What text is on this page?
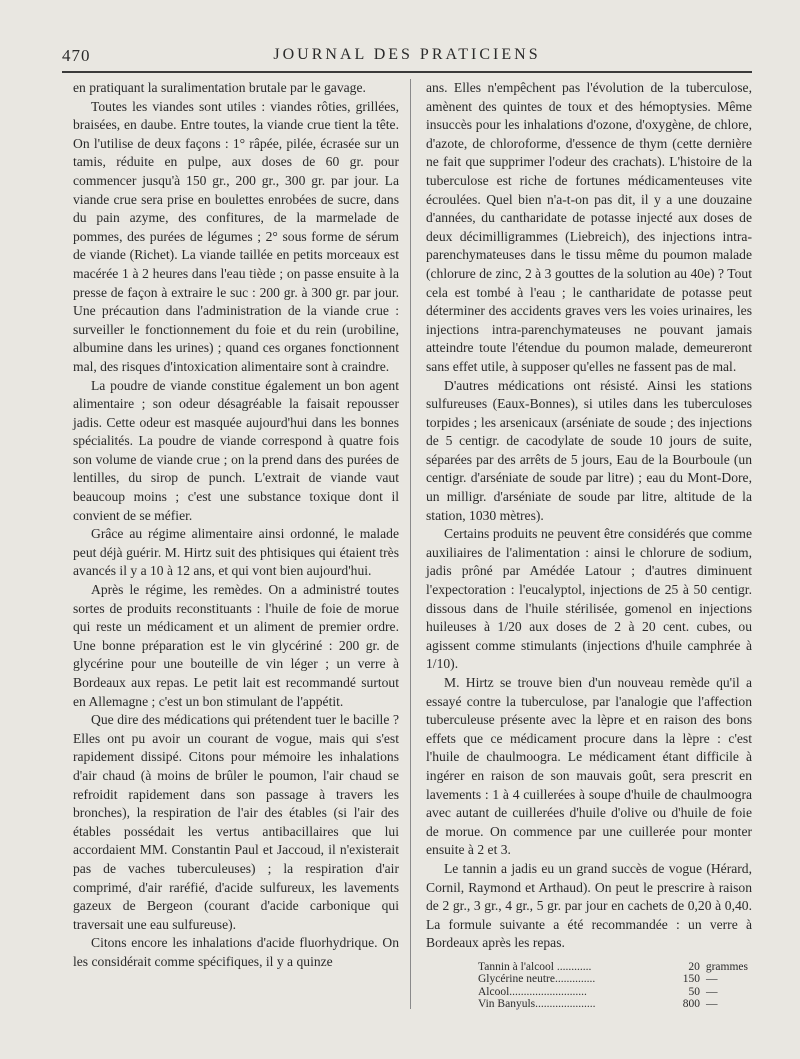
470	JOURNAL DES PRATICIENS

en pratiquant la suralimentation brutale par le gavage.

Toutes les viandes sont utiles : viandes rôties, grillées, braisées, en daube. Entre toutes, la viande crue tient la tête. On l'utilise de deux façons : 1° râpée, pilée, écrasée sur un tamis, réduite en pulpe, aux doses de 60 gr. pour commencer jusqu'à 150 gr., 200 gr., 300 gr. par jour. La viande crue sera prise en boulettes enrobées de sucre, dans du pain azyme, des confitures, de la marmelade de pommes, des purées de légumes ; 2° sous forme de sérum de viande (Richet). La viande taillée en petits morceaux est macérée 1 à 2 heures dans l'eau tiède ; on passe ensuite à la presse de façon à extraire le suc : 200 gr. à 300 gr. par jour. Une précaution dans l'administration de la viande crue : surveiller le fonctionnement du foie et du rein (urobiline, albumine dans les urines) ; quand ces organes fonctionnent mal, des risques d'intoxication alimentaire sont à craindre.

La poudre de viande constitue également un bon agent alimentaire ; son odeur désagréable la faisait repousser jadis. Cette odeur est masquée aujourd'hui dans les bonnes spécialités. La poudre de viande correspond à quatre fois son volume de viande crue ; on la prend dans des purées de lentilles, du sirop de punch. L'extrait de viande vaut beaucoup moins ; c'est une substance toxique dont il convient de se méfier.

Grâce au régime alimentaire ainsi ordonné, le malade peut déjà guérir. M. Hirtz suit des phtisiques qui étaient très avancés il y a 10 à 12 ans, et qui vont bien aujourd'hui.

Après le régime, les remèdes. On a administré toutes sortes de produits reconstituants : l'huile de foie de morue qui reste un médicament et un aliment de premier ordre. Une bonne préparation est le vin glycériné : 200 gr. de glycérine pour une bouteille de vin léger ; un verre à Bordeaux aux repas. Le petit lait est recommandé surtout en Allemagne ; c'est un bon stimulant de l'appétit.

Que dire des médications qui prétendent tuer le bacille ? Elles ont pu avoir un courant de vogue, mais qui s'est rapidement dissipé. Citons pour mémoire les inhalations d'air chaud (à moins de brûler le poumon, l'air chaud se refroidit rapidement dans son passage à travers les bronches), la respiration de l'air des étables (si l'air des étables possédait les vertus antibacillaires que lui accordaient MM. Constantin Paul et Jaccoud, il n'existerait pas de vaches tuberculeuses) ; la respiration d'air comprimé, d'air raréfié, d'acide sulfureux, les lavements gazeux de Bergeon (courant d'acide carbonique qui traversait une eau sulfureuse).

Citons encore les inhalations d'acide fluorhydrique. On les considérait comme spécifiques, il y a quinze

ans. Elles n'empêchent pas l'évolution de la tuberculose, amènent des quintes de toux et des hémoptysies. Même insuccès pour les inhalations d'ozone, d'oxygène, de chlore, d'azote, de chloroforme, d'essence de thym (cette dernière ne fait que supprimer l'odeur des crachats). L'histoire de la tuberculose est riche de fortunes médicamenteuses vite écroulées. Quel bien n'a-t-on pas dit, il y a une douzaine d'années, du cantharidate de potasse injecté aux doses de deux décimilligrammes (Liebreich), des injections intra-parenchymateuses dans le tissu même du poumon malade (chlorure de zinc, 2 à 3 gouttes de la solution au 40e) ? Tout cela est tombé à l'eau ; le cantharidate de potasse peut déterminer des accidents graves vers les voies urinaires, les injections intra-parenchymateuses ne pouvant jamais atteindre toute l'étendue du poumon malade, demeureront sans effet utile, à supposer qu'elles ne fassent pas de mal.

D'autres médications ont résisté. Ainsi les stations sulfureuses (Eaux-Bonnes), si utiles dans les tuberculoses torpides ; les arsenicaux (arséniate de soude ; des injections de 5 centigr. de cacodylate de soude 10 jours de suite, séparées par des arrêts de 5 jours, Eau de la Bourboule (un centigr. d'arséniate de soude par litre) ; eau du Mont-Dore, un milligr. d'arséniate de soude par litre, altitude de la station, 1030 mètres).

Certains produits ne peuvent être considérés que comme auxiliaires de l'alimentation : ainsi le chlorure de sodium, jadis prôné par Amédée Latour ; d'autres diminuent l'expectoration : l'eucalyptol, injections de 25 à 50 centigr. dissous dans de l'huile stérilisée, gomenol en injections huileuses à 1/20 aux doses de 2 à 20 cent. cubes, ou agissent comme stimulants (injections d'huile camphrée à 1/10).

M. Hirtz se trouve bien d'un nouveau remède qu'il a essayé contre la tuberculose, par l'analogie que l'affection tuberculeuse présente avec la lèpre et en raison des bons effets que ce médicament procure dans la lèpre : c'est l'huile de chaulmoogra. Le médicament étant difficile à ingérer en raison de son mauvais goût, sera prescrit en lavements : 1 à 4 cuillerées à soupe d'huile de chaulmoogra avec autant de cuillerées d'huile d'olive ou d'huile de foie de morue. On commence par une cuillerée pour monter ensuite à 2 et 3.

Le tannin a jadis eu un grand succès de vogue (Hérard, Cornil, Raymond et Arthaud). On peut le prescrire à raison de 2 gr., 3 gr., 4 gr., 5 gr. par jour en cachets de 0,20 à 0,40. La formule suivante a été recommandée : un verre à Bordeaux après les repas.

Tannin à l'alcool ............	20 grammes
Glycérine neutre..............	150 —
Alcool...........................	50 —
Vin Banyuls.....................	800 —
